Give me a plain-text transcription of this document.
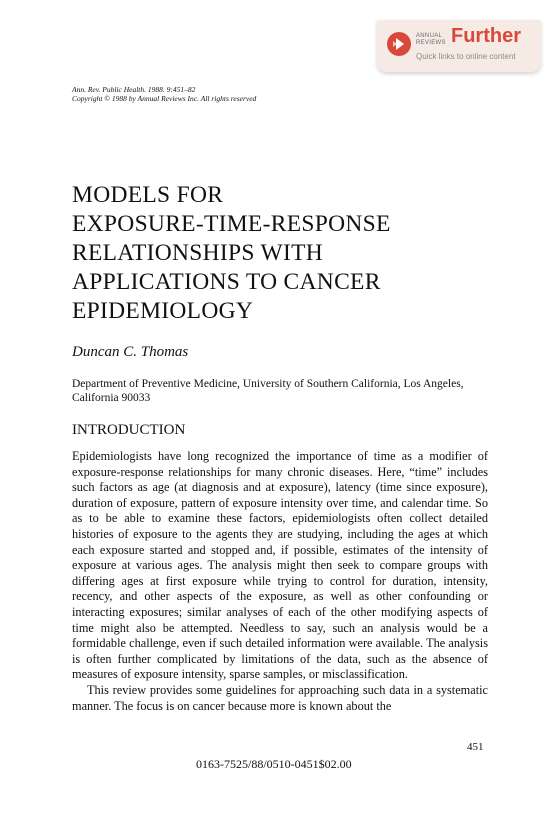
ANNUAL REVIEWS Further
Quick links to online content
Ann. Rev. Public Health. 1988. 9:451–82
Copyright © 1988 by Annual Reviews Inc. All rights reserved
MODELS FOR
EXPOSURE-TIME-RESPONSE
RELATIONSHIPS WITH
APPLICATIONS TO CANCER
EPIDEMIOLOGY
Duncan C. Thomas
Department of Preventive Medicine, University of Southern California, Los Angeles, California 90033
INTRODUCTION

Epidemiologists have long recognized the importance of time as a modifier of exposure-response relationships for many chronic diseases. Here, “time” includes such factors as age (at diagnosis and at exposure), latency (time since exposure), duration of exposure, pattern of exposure intensity over time, and calendar time. So as to be able to examine these factors, epidemiologists often collect detailed histories of exposure to the agents they are studying, including the ages at which each exposure started and stopped and, if possible, estimates of the intensity of exposure at various ages. The analysis might then seek to compare groups with differing ages at first exposure while trying to control for duration, intensity, recency, and other aspects of the exposure, as well as other confounding or interacting exposures; similar analyses of each of the other modifying aspects of time might also be attempted. Needless to say, such an analysis would be a formidable challenge, even if such detailed information were available. The analysis is often further complicated by limitations of the data, such as the absence of measures of exposure intensity, sparse samples, or misclassification.

This review provides some guidelines for approaching such data in a systematic manner. The focus is on cancer because more is known about the

451
0163-7525/88/0510-0451$02.00
